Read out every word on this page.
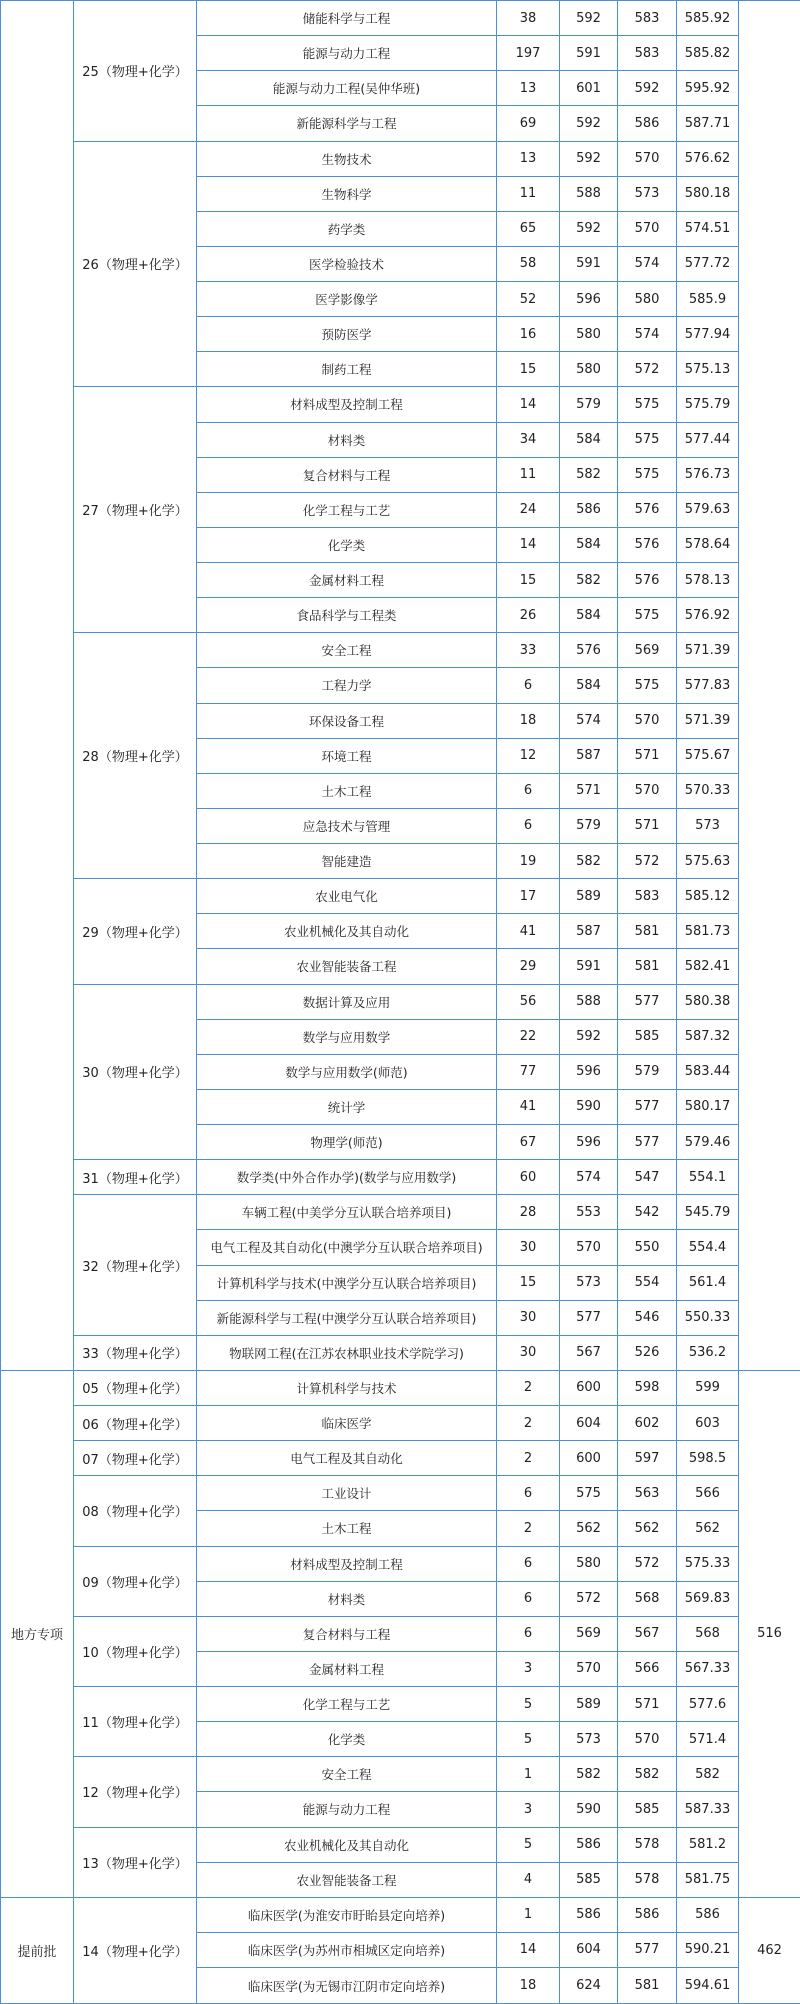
	25（物理+化学）	储能科学与工程	38	592	583	585.92	
		能源与动力工程	197	591	583	585.82	
		能源与动力工程(吴仲华班)	13	601	592	595.92	
		新能源科学与工程	69	592	586	587.71	
	26（物理+化学）	生物技术	13	592	570	576.62	
		生物科学	11	588	573	580.18	
		药学类	65	592	570	574.51	
		医学检验技术	58	591	574	577.72	
		医学影像学	52	596	580	585.9	
		预防医学	16	580	574	577.94	
		制药工程	15	580	572	575.13	
	27（物理+化学）	材料成型及控制工程	14	579	575	575.79	
		材料类	34	584	575	577.44	
		复合材料与工程	11	582	575	576.73	
		化学工程与工艺	24	586	576	579.63	
		化学类	14	584	576	578.64	
		金属材料工程	15	582	576	578.13	
		食品科学与工程类	26	584	575	576.92	
	28（物理+化学）	安全工程	33	576	569	571.39	
		工程力学	6	584	575	577.83	
		环保设备工程	18	574	570	571.39	
		环境工程	12	587	571	575.67	
		土木工程	6	571	570	570.33	
		应急技术与管理	6	579	571	573	
		智能建造	19	582	572	575.63	
	29（物理+化学）	农业电气化	17	589	583	585.12	
		农业机械化及其自动化	41	587	581	581.73	
		农业智能装备工程	29	591	581	582.41	
	30（物理+化学）	数据计算及应用	56	588	577	580.38	
		数学与应用数学	22	592	585	587.32	
		数学与应用数学(师范)	77	596	579	583.44	
		统计学	41	590	577	580.17	
		物理学(师范)	67	596	577	579.46	
	31（物理+化学）	数学类(中外合作办学)(数学与应用数学)	60	574	547	554.1	
	32（物理+化学）	车辆工程(中美学分互认联合培养项目)	28	553	542	545.79	
		电气工程及其自动化(中澳学分互认联合培养项目)	30	570	550	554.4	
		计算机科学与技术(中澳学分互认联合培养项目)	15	573	554	561.4	
		新能源科学与工程(中澳学分互认联合培养项目)	30	577	546	550.33	
	33（物理+化学）	物联网工程(在江苏农林职业技术学院学习)	30	567	526	536.2	
地方专项	05（物理+化学）	计算机科学与技术	2	600	598	599	516
	06（物理+化学）	临床医学	2	604	602	603	
	07（物理+化学）	电气工程及其自动化	2	600	597	598.5	
	08（物理+化学）	工业设计	6	575	563	566	
		土木工程	2	562	562	562	
	09（物理+化学）	材料成型及控制工程	6	580	572	575.33	
		材料类	6	572	568	569.83	
	10（物理+化学）	复合材料与工程	6	569	567	568	
		金属材料工程	3	570	566	567.33	
	11（物理+化学）	化学工程与工艺	5	589	571	577.6	
		化学类	5	573	570	571.4	
	12（物理+化学）	安全工程	1	582	582	582	
		能源与动力工程	3	590	585	587.33	
	13（物理+化学）	农业机械化及其自动化	5	586	578	581.2	
		农业智能装备工程	4	585	578	581.75	
提前批	14（物理+化学）	临床医学(为淮安市盱眙县定向培养)	1	586	586	586	462
		临床医学(为苏州市相城区定向培养)	14	604	577	590.21	
		临床医学(为无锡市江阴市定向培养)	18	624	581	594.61	
